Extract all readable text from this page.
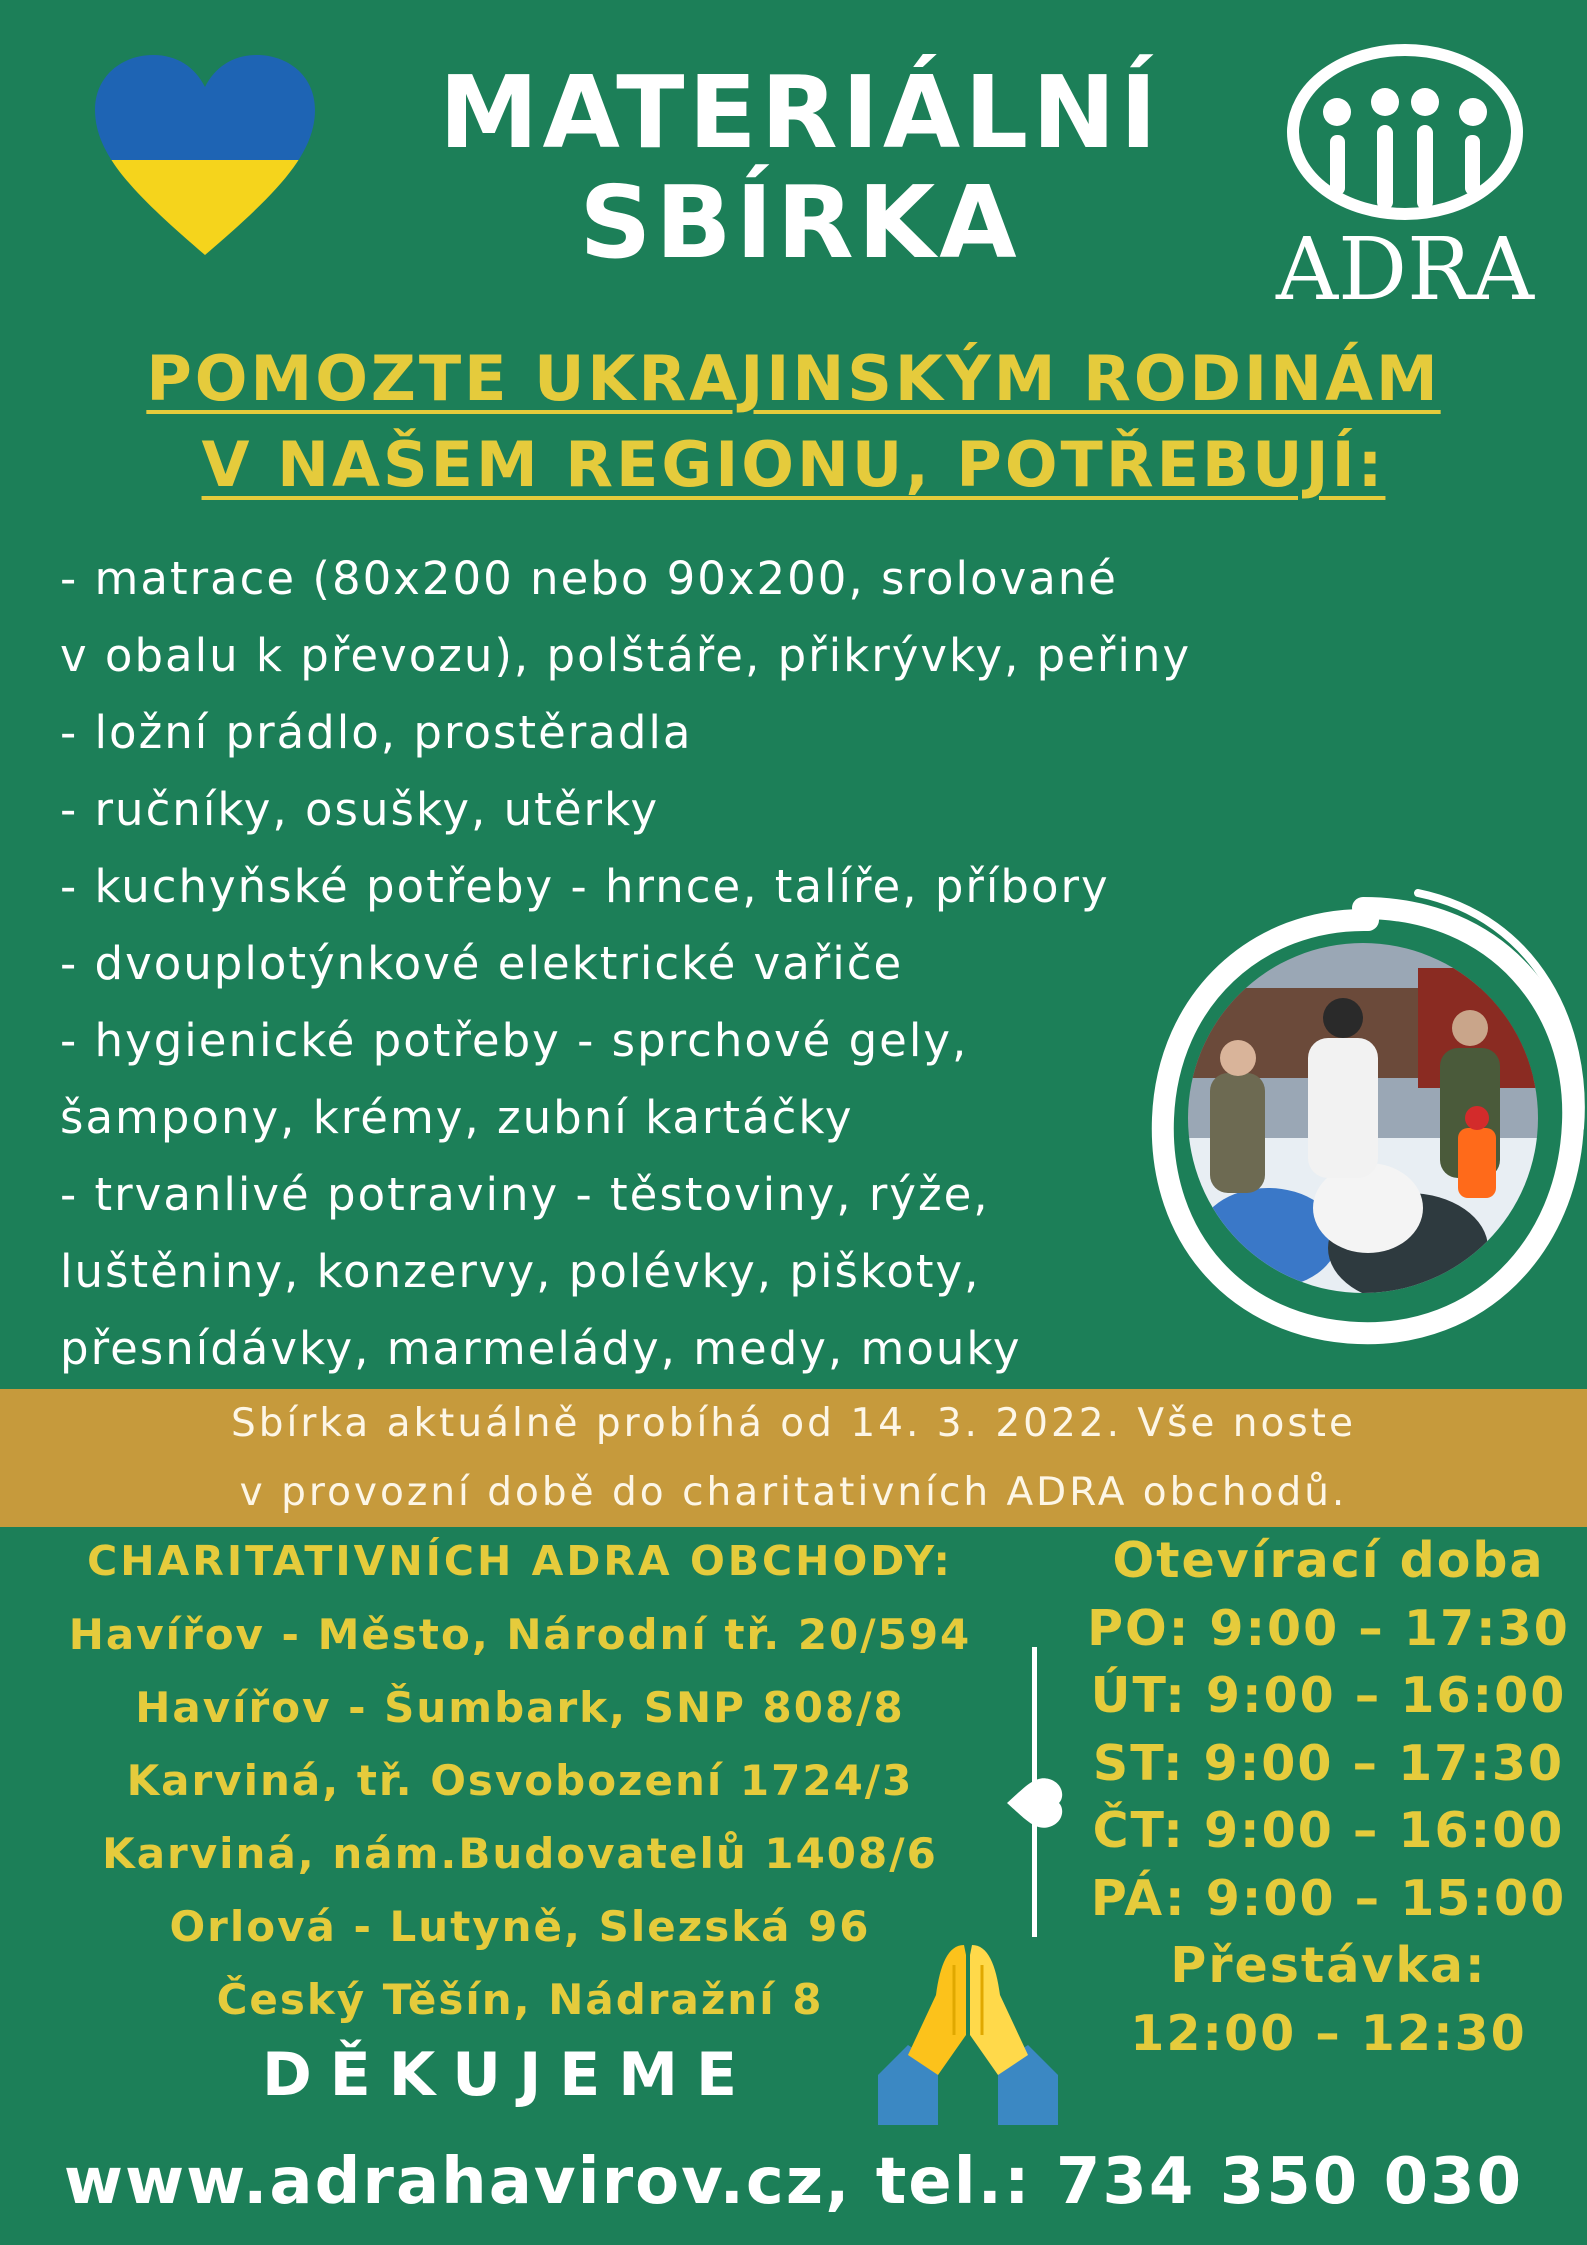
MATERIÁLNÍ
SBÍRKA	ADRA
POMOZTE UKRAJINSKÝM RODINÁM
V NAŠEM REGIONU, POTŘEBUJÍ:
- matrace (80x200 nebo 90x200, srolované
v obalu k převozu), polštáře, přikrývky, peřiny
- ložní prádlo, prostěradla
- ručníky, osušky, utěrky
- kuchyňské potřeby - hrnce, talíře, příbory
- dvouplotýnkové elektrické vařiče
- hygienické potřeby - sprchové gely,
šampony, krémy, zubní kartáčky
- trvanlivé potraviny - těstoviny, rýže,
luštěniny, konzervy, polévky, piškoty,
přesnídávky, marmelády, medy, mouky
Sbírka aktuálně probíhá od 14. 3. 2022. Vše noste
v provozní době do charitativních ADRA obchodů.
CHARITATIVNÍCH ADRA OBCHODY:
Havířov - Město, Národní tř. 20/594
Havířov - Šumbark, SNP 808/8
Karviná, tř. Osvobození 1724/3
Karviná, nám.Budovatelů 1408/6
Orlová - Lutyně, Slezská 96
Český Těšín, Nádražní 8
DĚKUJEME
Otevírací doba
PO: 9:00 – 17:30
ÚT: 9:00 – 16:00
ST: 9:00 – 17:30
ČT: 9:00 – 16:00
PÁ: 9:00 – 15:00
Přestávka:
12:00 – 12:30
www.adrahavirov.cz, tel.: 734 350 030
